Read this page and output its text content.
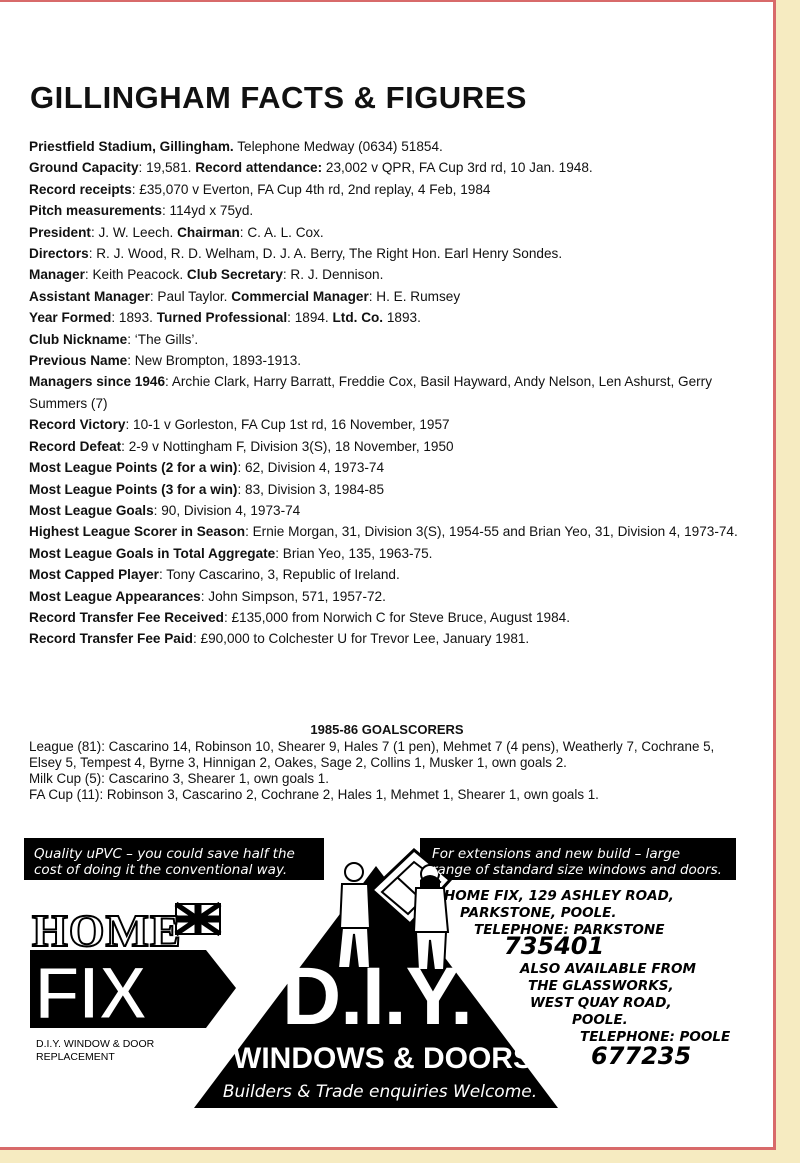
GILLINGHAM FACTS & FIGURES

Priestfield Stadium, Gillingham. Telephone Medway (0634) 51854.

Ground Capacity: 19,581. Record attendance: 23,002 v QPR, FA Cup 3rd rd, 10 Jan. 1948.

Record receipts: £35,070 v Everton, FA Cup 4th rd, 2nd replay, 4 Feb, 1984

Pitch measurements: 114yd x 75yd.

President: J. W. Leech. Chairman: C. A. L. Cox.

Directors: R. J. Wood, R. D. Welham, D. J. A. Berry, The Right Hon. Earl Henry Sondes.

Manager: Keith Peacock. Club Secretary: R. J. Dennison.

Assistant Manager: Paul Taylor. Commercial Manager: H. E. Rumsey

Year Formed: 1893. Turned Professional: 1894. Ltd. Co. 1893.

Club Nickname: ‘The Gills’.

Previous Name: New Brompton, 1893-1913.

Managers since 1946: Archie Clark, Harry Barratt, Freddie Cox, Basil Hayward, Andy Nelson, Len Ashurst, Gerry Summers (7)

Record Victory: 10-1 v Gorleston, FA Cup 1st rd, 16 November, 1957

Record Defeat: 2-9 v Nottingham F, Division 3(S), 18 November, 1950

Most League Points (2 for a win): 62, Division 4, 1973-74

Most League Points (3 for a win): 83, Division 3, 1984-85

Most League Goals: 90, Division 4, 1973-74

Highest League Scorer in Season: Ernie Morgan, 31, Division 3(S), 1954-55 and Brian Yeo, 31, Division 4, 1973-74.

Most League Goals in Total Aggregate: Brian Yeo, 135, 1963-75.

Most Capped Player: Tony Cascarino, 3, Republic of Ireland.

Most League Appearances: John Simpson, 571, 1957-72.

Record Transfer Fee Received: £135,000 from Norwich C for Steve Bruce, August 1984.

Record Transfer Fee Paid: £90,000 to Colchester U for Trevor Lee, January 1981.

1985-86 GOALSCORERS

League (81): Cascarino 14, Robinson 10, Shearer 9, Hales 7 (1 pen), Mehmet 7 (4 pens), Weatherly 7, Cochrane 5, Elsey 5, Tempest 4, Byrne 3, Hinnigan 2, Oakes, Sage 2, Collins 1, Musker 1, own goals 2.

Milk Cup (5): Cascarino 3, Shearer 1, own goals 1.

FA Cup (11): Robinson 3, Cascarino 2, Cochrane 2, Hales 1, Mehmet 1, Shearer 1, own goals 1.

Quality uPVC – you could save half the
cost of doing it the conventional way.
For extensions and new build – large
range of standard size windows and doors.
HOME FIX, 129 ASHLEY ROAD,
PARKSTONE, POOLE.
TELEPHONE: PARKSTONE
735401
ALSO AVAILABLE FROM
THE GLASSWORKS,
WEST QUAY ROAD,
POOLE.
TELEPHONE: POOLE
677235
HOME
FIX
D.I.Y. WINDOW & DOOR
REPLACEMENT
D.I.Y.
WINDOWS & DOORS
Builders & Trade enquiries Welcome.
